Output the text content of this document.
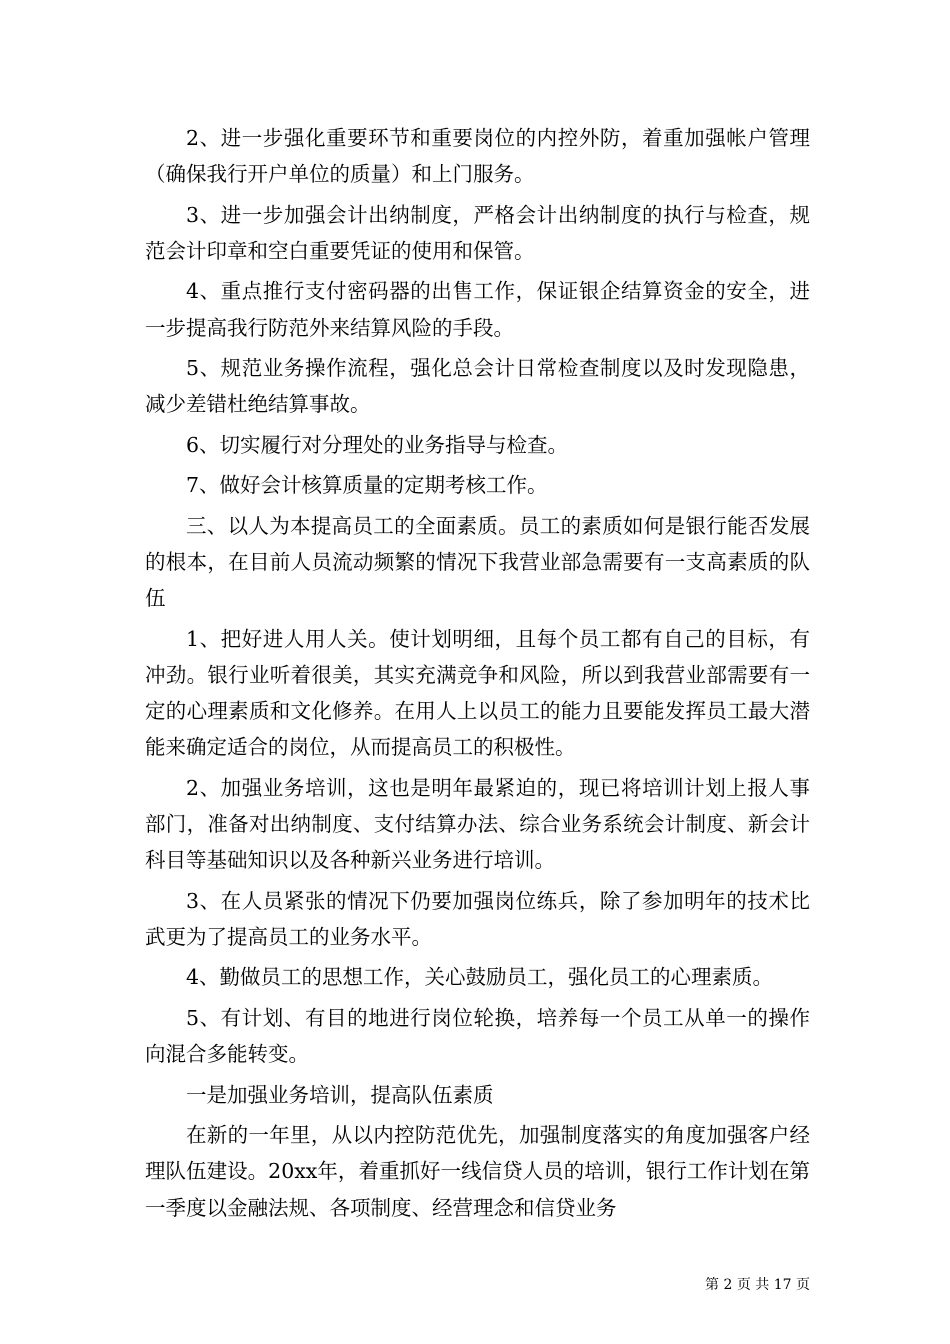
2、进一步强化重要环节和重要岗位的内控外防，着重加强帐户管理（确保我行开户单位的质量）和上门服务。

3、进一步加强会计出纳制度，严格会计出纳制度的执行与检查，规范会计印章和空白重要凭证的使用和保管。

4、重点推行支付密码器的出售工作，保证银企结算资金的安全，进一步提高我行防范外来结算风险的手段。

5、规范业务操作流程，强化总会计日常检查制度以及时发现隐患，减少差错杜绝结算事故。

6、切实履行对分理处的业务指导与检查。

7、做好会计核算质量的定期考核工作。

三、以人为本提高员工的全面素质。员工的素质如何是银行能否发展的根本，在目前人员流动频繁的情况下我营业部急需要有一支高素质的队伍

1、把好进人用人关。使计划明细，且每个员工都有自己的目标，有冲劲。银行业听着很美，其实充满竞争和风险，所以到我营业部需要有一定的心理素质和文化修养。在用人上以员工的能力且要能发挥员工最大潜能来确定适合的岗位，从而提高员工的积极性。

2、加强业务培训，这也是明年最紧迫的，现已将培训计划上报人事部门，准备对出纳制度、支付结算办法、综合业务系统会计制度、新会计科目等基础知识以及各种新兴业务进行培训。

3、在人员紧张的情况下仍要加强岗位练兵，除了参加明年的技术比武更为了提高员工的业务水平。

4、勤做员工的思想工作，关心鼓励员工，强化员工的心理素质。

5、有计划、有目的地进行岗位轮换，培养每一个员工从单一的操作向混合多能转变。

一是加强业务培训，提高队伍素质

在新的一年里，从以内控防范优先，加强制度落实的角度加强客户经理队伍建设。20xx年，着重抓好一线信贷人员的培训，银行工作计划在第一季度以金融法规、各项制度、经营理念和信贷业务

第 2 页 共 17 页
